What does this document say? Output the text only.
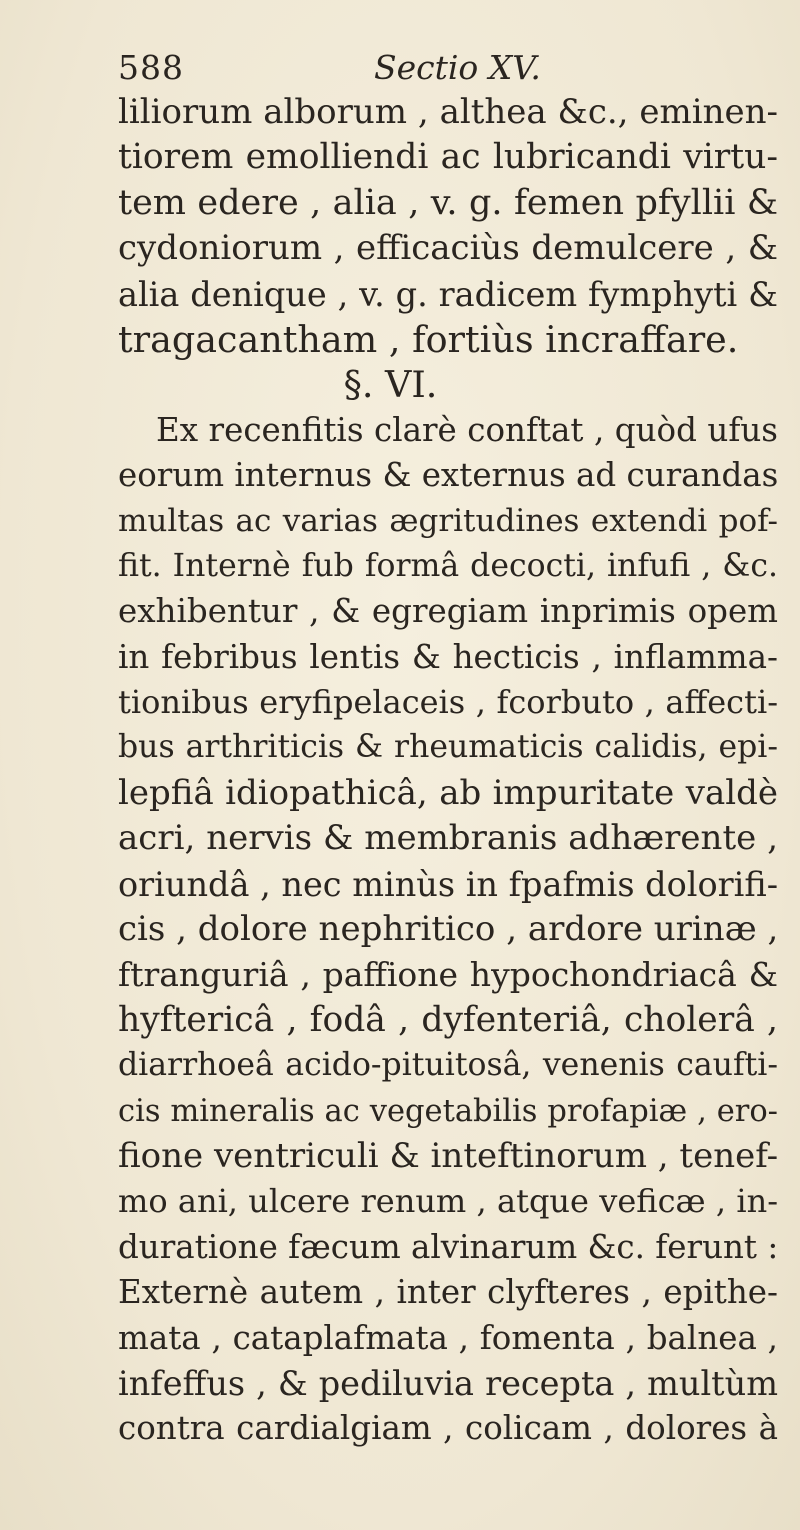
588	Sectio XV.
liliorum alborum , althea &c., eminen-
tiorem emolliendi ac lubricandi virtu-
tem edere , alia , v. g. femen pfyllii &
cydoniorum , efficaciùs demulcere , &
alia denique , v. g. radicem fymphyti &
tragacantham , fortiùs incraffare.
§. VI.
Ex recenfitis clarè conftat , quòd ufus
eorum internus & externus ad curandas
multas ac varias ægritudines extendi pof-
fit. Internè fub formâ decocti, infufi , &c.
exhibentur , & egregiam inprimis opem
in febribus lentis & hecticis , inflamma-
tionibus eryfipelaceis , fcorbuto , affecti-
bus arthriticis & rheumaticis calidis, epi-
lepfiâ idiopathicâ, ab impuritate valdè
acri, nervis & membranis adhærente ,
oriundâ , nec minùs in fpafmis dolorifi-
cis , dolore nephritico , ardore urinæ ,
ftranguriâ , paffione hypochondriacâ &
hyftericâ , fodâ , dyfenteriâ, cholerâ ,
diarrhoeâ acido-pituitosâ, venenis caufti-
cis mineralis ac vegetabilis profapiæ , ero-
fione ventriculi & inteftinorum , tenef-
mo ani, ulcere renum , atque veficæ , in-
duratione fæcum alvinarum &c. ferunt :
Externè autem , inter clyfteres , epithe-
mata , cataplafmata , fomenta , balnea ,
infeffus , & pediluvia recepta , multùm
contra cardialgiam , colicam , dolores à
